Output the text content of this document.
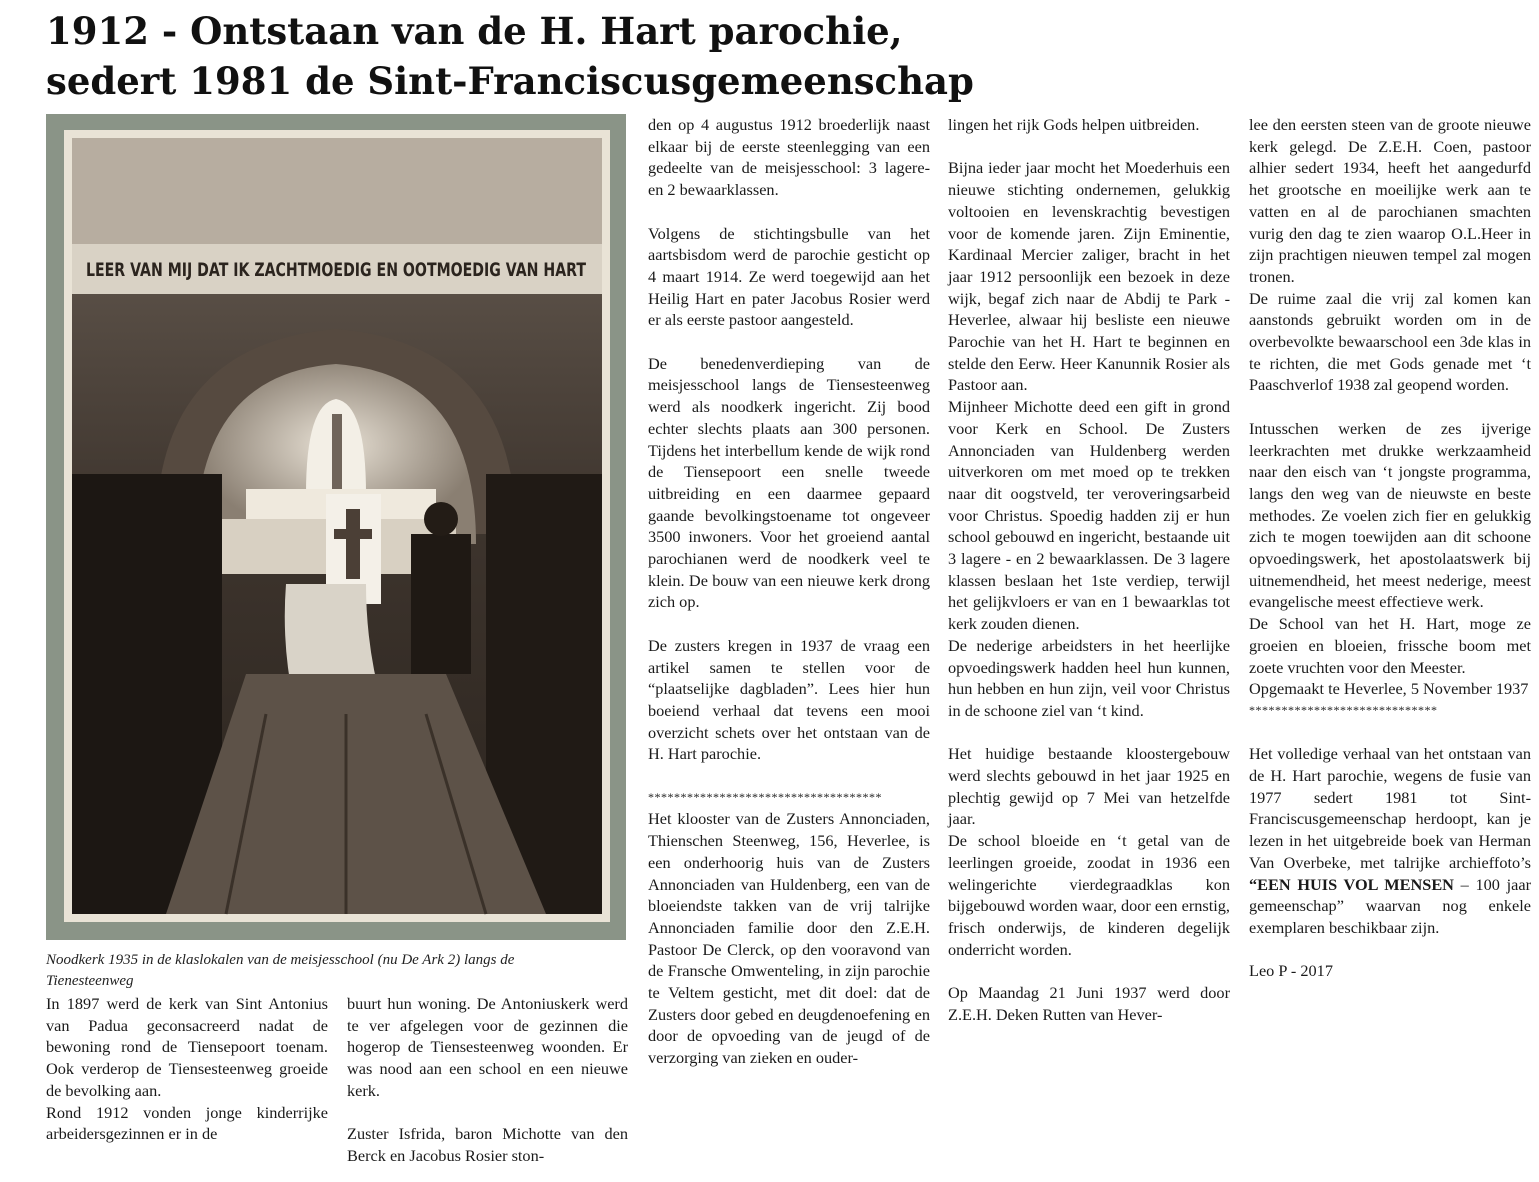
1912 - Ontstaan van de H. Hart parochie,
sedert 1981 de Sint-Franciscusgemeenschap
LEER VAN MIJ DAT IK ZACHTMOEDIG EN OOTMOEDIG VAN HART
Noodkerk 1935 in de klaslokalen van de meisjesschool (nu De Ark 2) langs de Tienesteenweg

In 1897 werd de kerk van Sint Antonius van Padua geconsacreerd nadat de bewoning rond de Tiensepoort toenam. Ook verderop de Tiensesteenweg groeide de bevolking aan.

Rond 1912 vonden jonge kinderrijke arbeidersgezinnen er in de

buurt hun woning. De Antoniuskerk werd te ver afgelegen voor de gezinnen die hogerop de Tiensesteenweg woonden. Er was nood aan een school en een nieuwe kerk.

Zuster Isfrida, baron Michotte van den Berck en Jacobus Rosier ston-

den op 4 augustus 1912 broederlijk naast elkaar bij de eerste steenlegging van een gedeelte van de meisjesschool: 3 lagere- en 2 bewaarklassen.

Volgens de stichtingsbulle van het aartsbisdom werd de parochie gesticht op 4 maart 1914. Ze werd toegewijd aan het Heilig Hart en pater Jacobus Rosier werd er als eerste pastoor aangesteld.

De benedenverdieping van de meisjesschool langs de Tiensesteenweg werd als noodkerk ingericht. Zij bood echter slechts plaats aan 300 personen. Tijdens het interbellum kende de wijk rond de Tiensepoort een snelle tweede uitbreiding en een daarmee gepaard gaande bevolkingstoename tot ongeveer 3500 inwoners. Voor het groeiend aantal parochianen werd de noodkerk veel te klein. De bouw van een nieuwe kerk drong zich op.

De zusters kregen in 1937 de vraag een artikel samen te stellen voor de “plaatselijke dagbladen”. Lees hier hun boeiend verhaal dat tevens een mooi overzicht schets over het ontstaan van de H. Hart parochie.

************************************

Het klooster van de Zusters Annonciaden, Thienschen Steenweg, 156, Heverlee, is een onderhoorig huis van de Zusters Annonciaden van Huldenberg, een van de bloeiendste takken van de vrij talrijke Annonciaden familie door den Z.E.H. Pastoor De Clerck, op den vooravond van de Fransche Omwenteling, in zijn parochie te Veltem gesticht, met dit doel: dat de Zusters door gebed en deugdenoefening en door de opvoeding van de jeugd of de verzorging van zieken en ouder-

lingen het rijk Gods helpen uitbreiden.

Bijna ieder jaar mocht het Moederhuis een nieuwe stichting ondernemen, gelukkig voltooien en levenskrachtig bevestigen voor de komende jaren. Zijn Eminentie, Kardinaal Mercier zaliger, bracht in het jaar 1912 persoonlijk een bezoek in deze wijk, begaf zich naar de Abdij te Park - Heverlee, alwaar hij besliste een nieuwe Parochie van het H. Hart te beginnen en stelde den Eerw. Heer Kanunnik Rosier als Pastoor aan.

Mijnheer Michotte deed een gift in grond voor Kerk en School. De Zusters Annonciaden van Huldenberg werden uitverkoren om met moed op te trekken naar dit oogstveld, ter veroveringsarbeid voor Christus. Spoedig hadden zij er hun school gebouwd en ingericht, bestaande uit 3 lagere - en 2 bewaarklassen. De 3 lagere klassen beslaan het 1ste verdiep, terwijl het gelijkvloers er van en 1 bewaarklas tot kerk zouden dienen.

De nederige arbeidsters in het heerlijke opvoedingswerk hadden heel hun kunnen, hun hebben en hun zijn, veil voor Christus in de schoone ziel van ‘t kind.

Het huidige bestaande kloostergebouw werd slechts gebouwd in het jaar 1925 en plechtig gewijd op 7 Mei van hetzelfde jaar.

De school bloeide en ‘t getal van de leerlingen groeide, zoodat in 1936 een welingerichte vierdegraadklas kon bijgebouwd worden waar, door een ernstig, frisch onderwijs, de kinderen degelijk onderricht worden.

Op Maandag 21 Juni 1937 werd door Z.E.H. Deken Rutten van Hever-

lee den eersten steen van de groote nieuwe kerk gelegd. De Z.E.H. Coen, pastoor alhier sedert 1934, heeft het aangedurfd het grootsche en moeilijke werk aan te vatten en al de parochianen smachten vurig den dag te zien waarop O.L.Heer in zijn prachtigen nieuwen tempel zal mogen tronen.

De ruime zaal die vrij zal komen kan aanstonds gebruikt worden om in de overbevolkte bewaarschool een 3de klas in te richten, die met Gods genade met ‘t Paaschverlof 1938 zal geopend worden.

Intusschen werken de zes ijverige leerkrachten met drukke werkzaamheid naar den eisch van ‘t jongste programma, langs den weg van de nieuwste en beste methodes. Ze voelen zich fier en gelukkig zich te mogen toewijden aan dit schoone opvoedingswerk, het apostolaatswerk bij uitnemendheid, het meest nederige, meest evangelische meest effectieve werk.

De School van het H. Hart, moge ze groeien en bloeien, frissche boom met zoete vruchten voor den Meester.

Opgemaakt te Heverlee, 5 November 1937

*****************************

Het volledige verhaal van het ontstaan van de H. Hart parochie, wegens de fusie van 1977 sedert 1981 tot Sint-Franciscusgemeenschap herdoopt, kan je lezen in het uitgebreide boek van Herman Van Overbeke, met talrijke archieffoto’s “EEN HUIS VOL MENSEN – 100 jaar gemeenschap” waarvan nog enkele exemplaren beschikbaar zijn.

Leo P - 2017
